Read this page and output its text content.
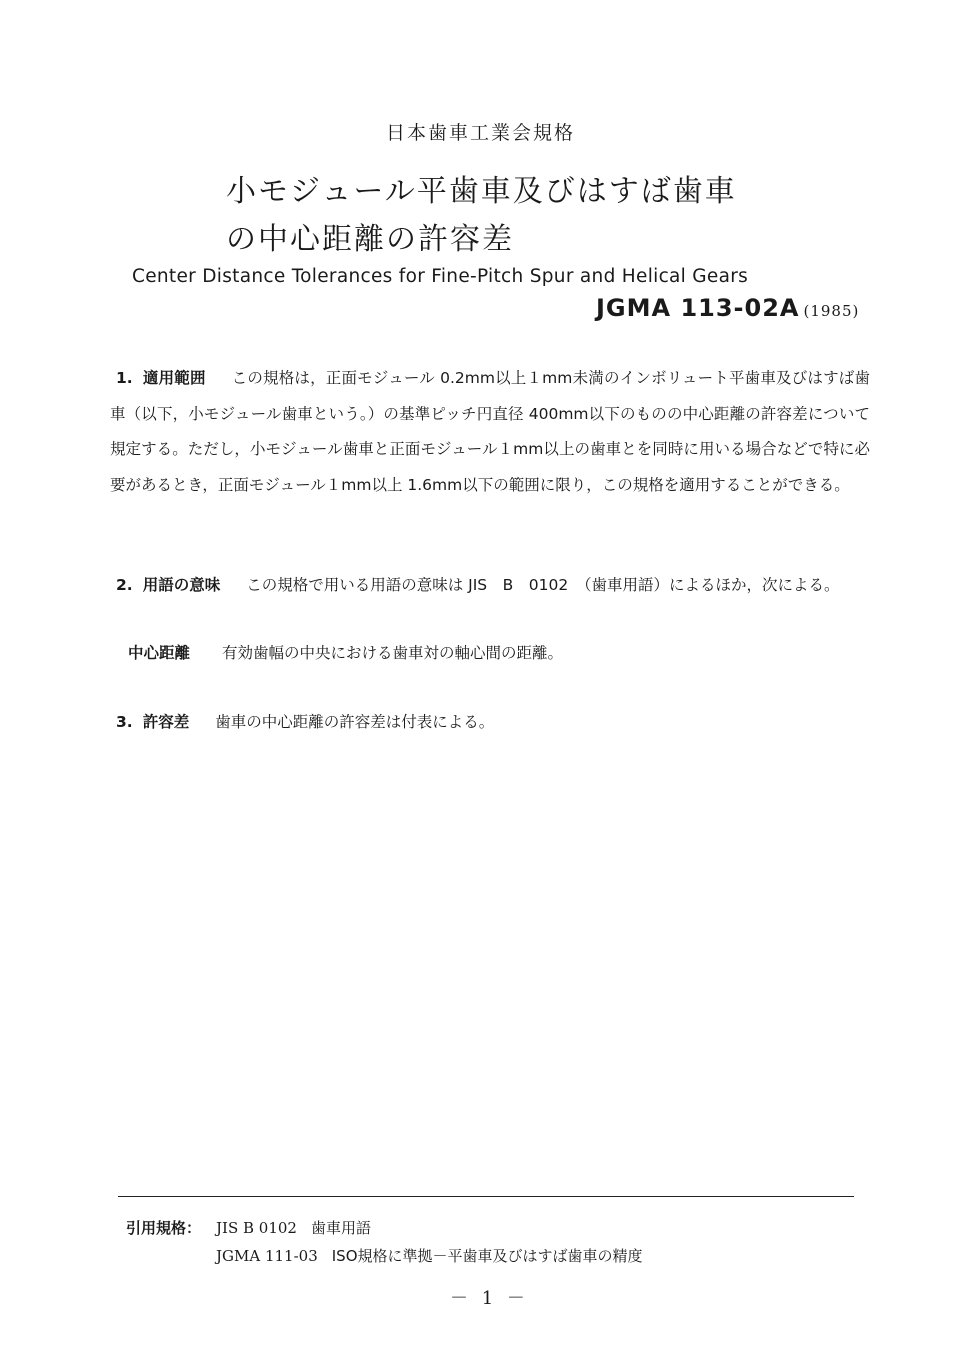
日本歯車工業会規格
小モジュール平歯車及びはすば歯車
の中心距離の許容差
Center Distance Tolerances for Fine-Pitch Spur and Helical Gears
JGMA 113-02A (1985)
1. 適用範囲 この規格は，正面モジュール 0.2mm以上１mm未満のインボリュート平歯車及びはすば歯車（以下，小モジュール歯車という。）の基準ピッチ円直径 400mm以下のものの中心距離の許容差について規定する。ただし，小モジュール歯車と正面モジュール１mm以上の歯車とを同時に用いる場合などで特に必要があるとき，正面モジュール１mm以上 1.6mm以下の範囲に限り，この規格を適用することができる。
2. 用語の意味 この規格で用いる用語の意味は JIS　B　0102　（歯車用語）によるほか，次による。
中心距離 有効歯幅の中央における歯車対の軸心間の距離。
3. 許容差 歯車の中心距離の許容差は付表による。
引用規格： JIS B 0102 歯車用語
JGMA 111-03 ISO規格に準拠－平歯車及びはすば歯車の精度
－ 1 －
